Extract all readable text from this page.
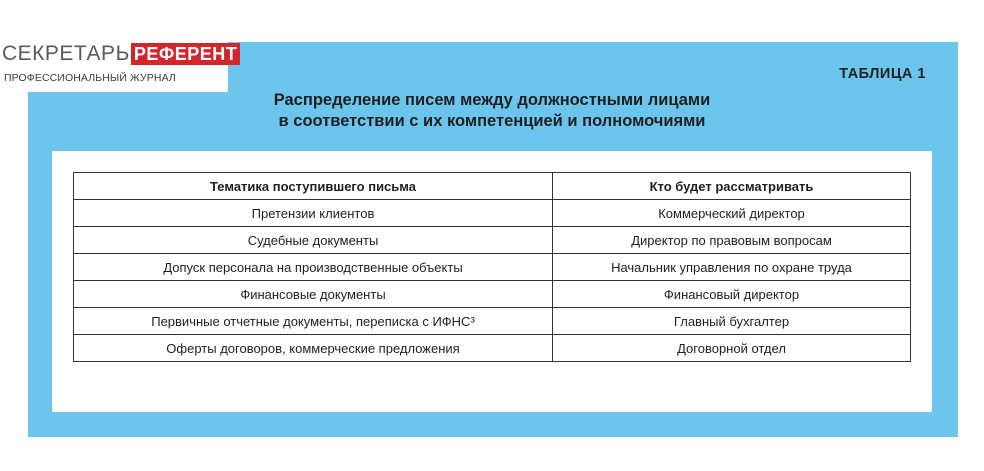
СЕКРЕТАРЬ РЕФЕРЕНТ
ПРОФЕССИОНАЛЬНЫЙ ЖУРНАЛ	ТАБЛИЦА 1
Распределение писем между должностными лицами
в соответствии с их компетенцией и полномочиями
Тематика поступившего письма	Кто будет рассматривать
Претензии клиентов	Коммерческий директор
Судебные документы	Директор по правовым вопросам
Допуск персонала на производственные объекты	Начальник управления по охране труда
Финансовые документы	Финансовый директор
Первичные отчетные документы, переписка с ИФНС³	Главный бухгалтер
Оферты договоров, коммерческие предложения	Договорной отдел
